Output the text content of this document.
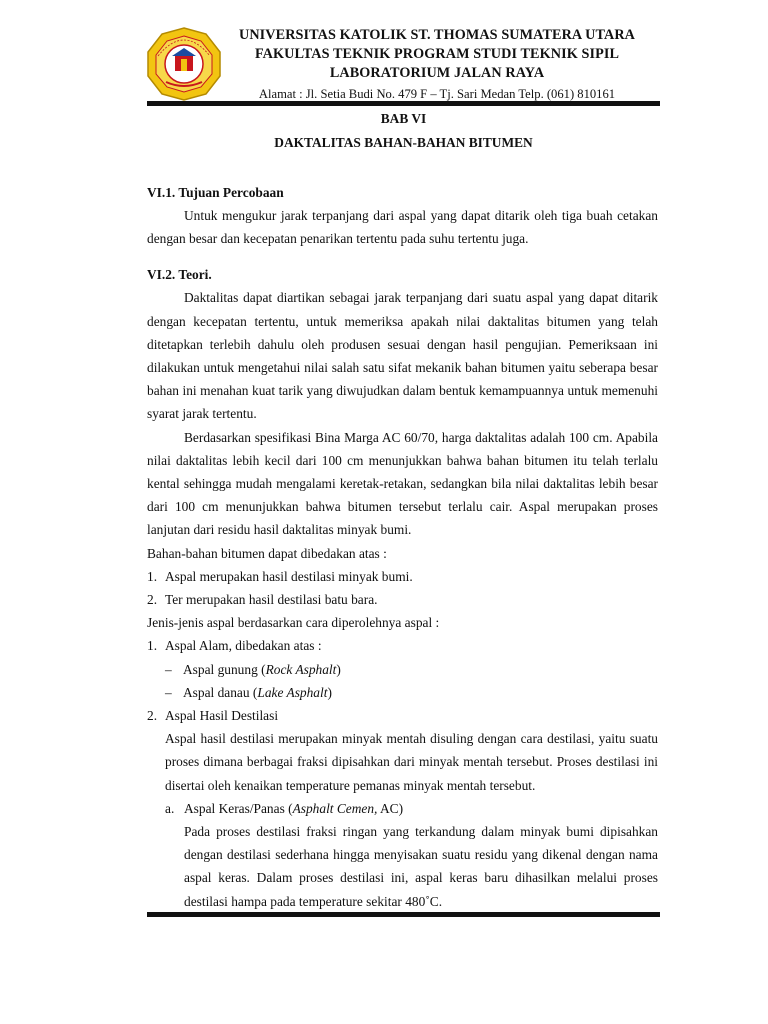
UNIVERSITAS KATOLIK ST. THOMAS SUMATERA UTARA
FAKULTAS TEKNIK PROGRAM STUDI TEKNIK SIPIL
LABORATORIUM JALAN RAYA
Alamat : Jl. Setia Budi No. 479 F – Tj. Sari Medan Telp. (061) 810161
BAB VI
DAKTALITAS BAHAN-BAHAN BITUMEN
VI.1. Tujuan Percobaan

Untuk mengukur jarak terpanjang dari aspal yang dapat ditarik oleh tiga buah cetakan dengan besar dan kecepatan penarikan tertentu pada suhu tertentu juga.

VI.2. Teori.

Daktalitas dapat diartikan sebagai jarak terpanjang dari suatu aspal yang dapat ditarik dengan kecepatan tertentu, untuk memeriksa apakah nilai daktalitas bitumen yang telah ditetapkan terlebih dahulu oleh produsen sesuai dengan hasil pengujian. Pemeriksaan ini dilakukan untuk mengetahui nilai salah satu sifat mekanik bahan bitumen yaitu seberapa besar bahan ini menahan kuat tarik yang diwujudkan dalam bentuk kemampuannya untuk memenuhi syarat jarak tertentu.

Berdasarkan spesifikasi Bina Marga AC 60/70, harga daktalitas adalah 100 cm. Apabila nilai daktalitas lebih kecil dari 100 cm menunjukkan bahwa bahan bitumen itu telah terlalu kental sehingga mudah mengalami keretak-retakan, sedangkan bila nilai daktalitas lebih besar dari 100 cm menunjukkan bahwa bitumen tersebut terlalu cair. Aspal merupakan proses lanjutan dari residu hasil daktalitas minyak bumi.

Bahan-bahan bitumen dapat dibedakan atas :
1. Aspal merupakan hasil destilasi minyak bumi.
2. Ter merupakan hasil destilasi batu bara.
Jenis-jenis aspal berdasarkan cara diperolehnya aspal :
1. Aspal Alam, dibedakan atas :
– Aspal gunung (Rock Asphalt)
– Aspal danau (Lake Asphalt)
2. Aspal Hasil Destilasi
Aspal hasil destilasi merupakan minyak mentah disuling dengan cara destilasi, yaitu suatu proses dimana berbagai fraksi dipisahkan dari minyak mentah tersebut. Proses destilasi ini disertai oleh kenaikan temperature pemanas minyak mentah tersebut.
a. Aspal Keras/Panas (Asphalt Cemen, AC)
Pada proses destilasi fraksi ringan yang terkandung dalam minyak bumi dipisahkan dengan destilasi sederhana hingga menyisakan suatu residu yang dikenal dengan nama aspal keras. Dalam proses destilasi ini, aspal keras baru dihasilkan melalui proses destilasi hampa pada temperature sekitar 480˚C.
